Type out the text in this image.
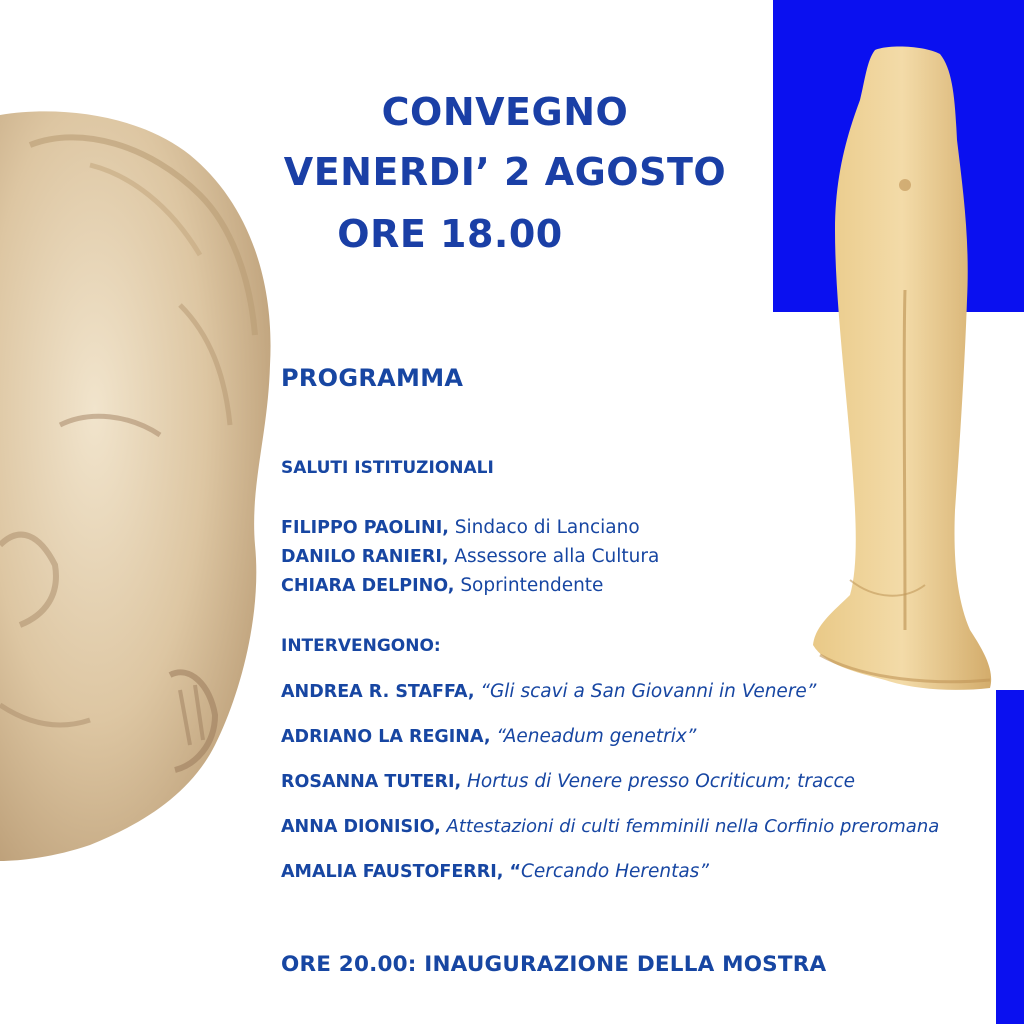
CONVEGNO
VENERDI’ 2 AGOSTO
ORE 18.00
PROGRAMMA
SALUTI ISTITUZIONALI
FILIPPO PAOLINI, Sindaco di Lanciano
DANILO RANIERI, Assessore alla Cultura
CHIARA DELPINO, Soprintendente
INTERVENGONO:
ANDREA R. STAFFA, “Gli scavi a San Giovanni in Venere”
ADRIANO LA REGINA, “Aeneadum genetrix”
ROSANNA TUTERI, Hortus di Venere presso Ocriticum; tracce
ANNA DIONISIO, Attestazioni di culti femminili nella Corfinio preromana
AMALIA FAUSTOFERRI, “Cercando Herentas”
ORE 20.00: INAUGURAZIONE DELLA MOSTRA
